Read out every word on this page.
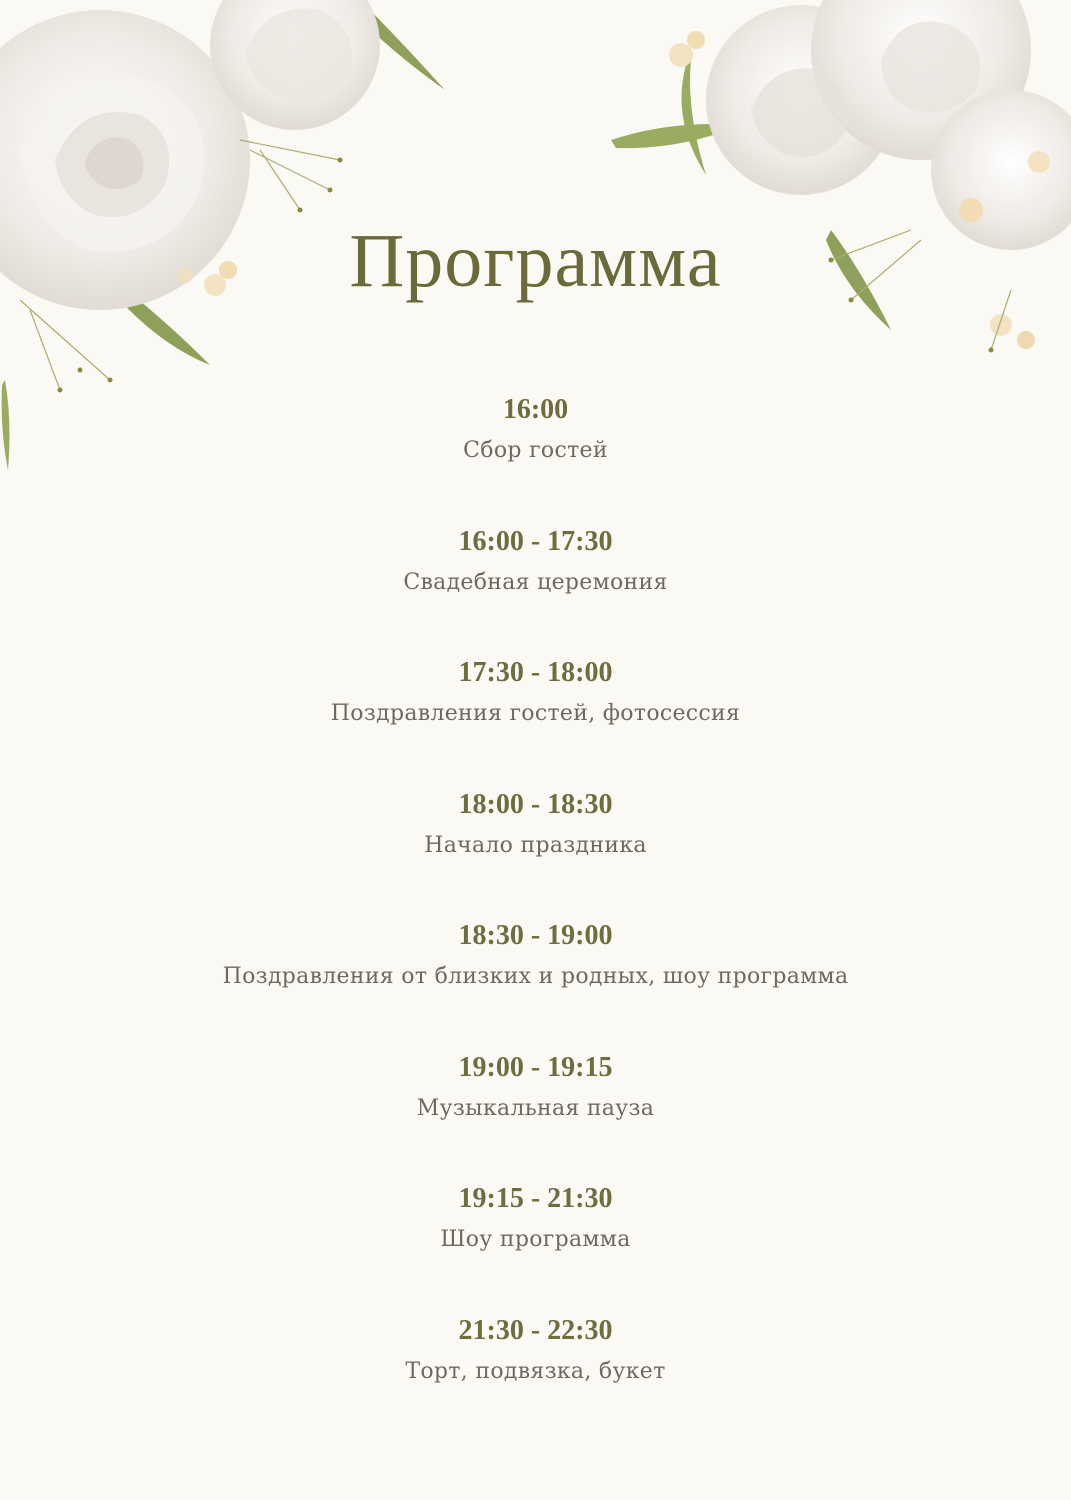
Программа
16:00
Сбор гостей
16:00 - 17:30
Свадебная церемония
17:30 - 18:00
Поздравления гостей, фотосессия
18:00 - 18:30
Начало праздника
18:30 - 19:00
Поздравления от близких и родных, шоу программа
19:00 - 19:15
Музыкальная пауза
19:15 - 21:30
Шоу программа
21:30 - 22:30
Торт, подвязка, букет
